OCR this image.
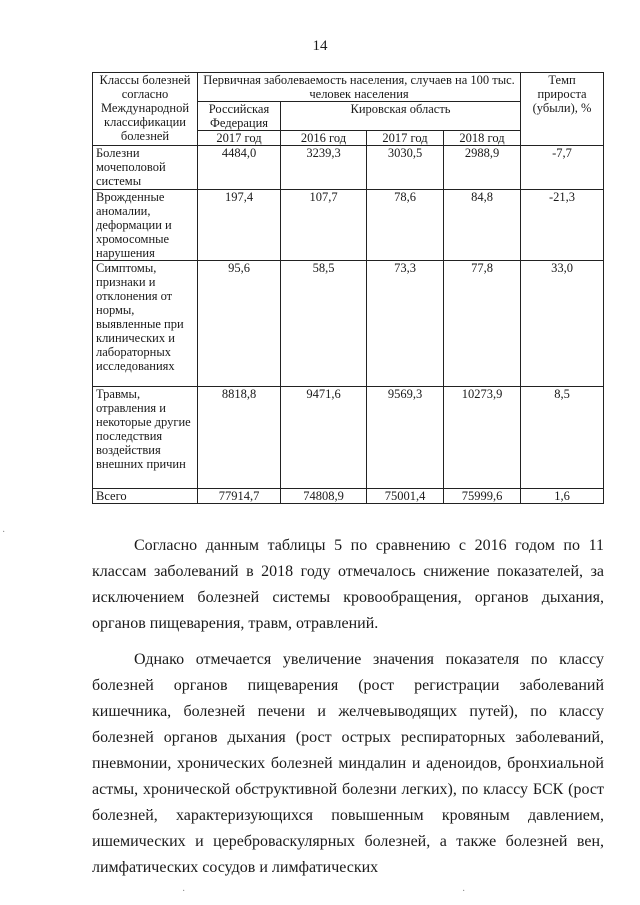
14
Классы болезней согласно Международной классификации болезней	Первичная заболеваемость населения, случаев на 100 тыс. человек населения				Темп прироста (убыли), %
	Российская Федерация	Кировская область			
	2017 год	2016 год	2017 год	2018 год	
Болезни мочеполовой системы	4484,0	3239,3	3030,5	2988,9	-7,7
Врожденные аномалии, деформации и хромосомные нарушения	197,4	107,7	78,6	84,8	-21,3
Симптомы, признаки и отклонения от нормы, выявленные при клинических и лабораторных исследованиях	95,6	58,5	73,3	77,8	33,0
Травмы, отравления и некоторые другие последствия воздействия внешних причин	8818,8	9471,6	9569,3	10273,9	8,5
Всего	77914,7	74808,9	75001,4	75999,6	1,6

Согласно данным таблицы 5 по сравнению с 2016 годом по 11 классам заболеваний в 2018 году отмечалось снижение показателей, за исключением болезней системы кровообращения, органов дыхания, органов пищеварения, травм, отравлений.

Однако отмечается увеличение значения показателя по классу болезней органов пищеварения (рост регистрации заболеваний кишечника, болезней печени и желчевыводящих путей), по классу болезней органов дыхания (рост острых респираторных заболеваний, пневмонии, хронических болезней миндалин и аденоидов, бронхиальной астмы, хронической обструктивной болезни легких), по классу БСК (рост болезней, характеризующихся повышенным кровяным давлением, ишемических и цереброваскулярных болезней, а также болезней вен, лимфатических сосудов и лимфатических

·
·	·
